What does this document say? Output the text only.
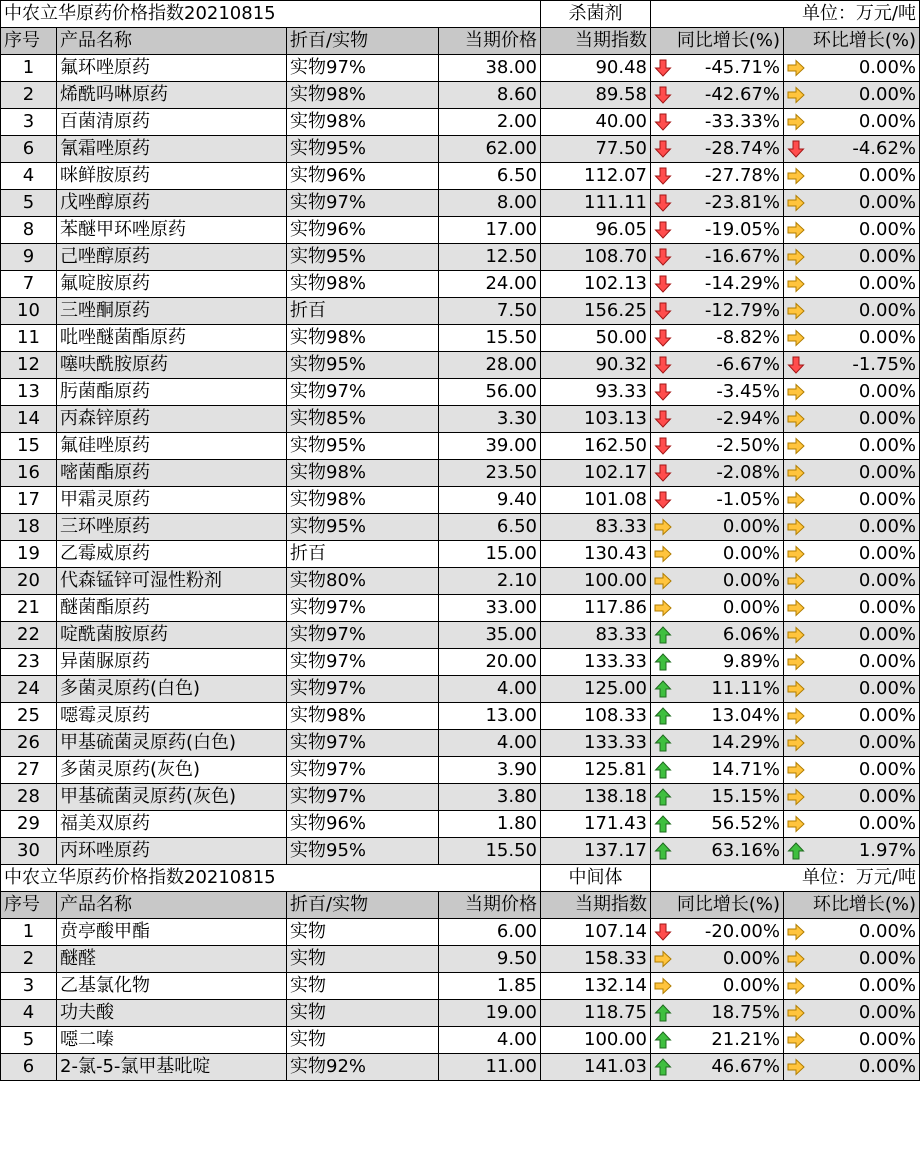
中农立华原药价格指数20210815				杀菌剂	单位：万元/吨	
序号	产品名称	折百/实物	当期价格	当期指数	同比增长(%)	环比增长(%)
1	氟环唑原药	实物97%	38.00	90.48	-45.71%	0.00%
2	烯酰吗啉原药	实物98%	8.60	89.58	-42.67%	0.00%
3	百菌清原药	实物98%	2.00	40.00	-33.33%	0.00%
6	氰霜唑原药	实物95%	62.00	77.50	-28.74%	-4.62%
4	咪鲜胺原药	实物96%	6.50	112.07	-27.78%	0.00%
5	戊唑醇原药	实物97%	8.00	111.11	-23.81%	0.00%
8	苯醚甲环唑原药	实物96%	17.00	96.05	-19.05%	0.00%
9	己唑醇原药	实物95%	12.50	108.70	-16.67%	0.00%
7	氟啶胺原药	实物98%	24.00	102.13	-14.29%	0.00%
10	三唑酮原药	折百	7.50	156.25	-12.79%	0.00%
11	吡唑醚菌酯原药	实物98%	15.50	50.00	-8.82%	0.00%
12	噻呋酰胺原药	实物95%	28.00	90.32	-6.67%	-1.75%
13	肟菌酯原药	实物97%	56.00	93.33	-3.45%	0.00%
14	丙森锌原药	实物85%	3.30	103.13	-2.94%	0.00%
15	氟硅唑原药	实物95%	39.00	162.50	-2.50%	0.00%
16	嘧菌酯原药	实物98%	23.50	102.17	-2.08%	0.00%
17	甲霜灵原药	实物98%	9.40	101.08	-1.05%	0.00%
18	三环唑原药	实物95%	6.50	83.33	0.00%	0.00%
19	乙霉威原药	折百	15.00	130.43	0.00%	0.00%
20	代森锰锌可湿性粉剂	实物80%	2.10	100.00	0.00%	0.00%
21	醚菌酯原药	实物97%	33.00	117.86	0.00%	0.00%
22	啶酰菌胺原药	实物97%	35.00	83.33	6.06%	0.00%
23	异菌脲原药	实物97%	20.00	133.33	9.89%	0.00%
24	多菌灵原药(白色)	实物97%	4.00	125.00	11.11%	0.00%
25	噁霉灵原药	实物98%	13.00	108.33	13.04%	0.00%
26	甲基硫菌灵原药(白色)	实物97%	4.00	133.33	14.29%	0.00%
27	多菌灵原药(灰色)	实物97%	3.90	125.81	14.71%	0.00%
28	甲基硫菌灵原药(灰色)	实物97%	3.80	138.18	15.15%	0.00%
29	福美双原药	实物96%	1.80	171.43	56.52%	0.00%
30	丙环唑原药	实物95%	15.50	137.17	63.16%	1.97%
中农立华原药价格指数20210815				中间体	单位：万元/吨	
序号	产品名称	折百/实物	当期价格	当期指数	同比增长(%)	环比增长(%)
1	贲亭酸甲酯	实物	6.00	107.14	-20.00%	0.00%
2	醚醛	实物	9.50	158.33	0.00%	0.00%
3	乙基氯化物	实物	1.85	132.14	0.00%	0.00%
4	功夫酸	实物	19.00	118.75	18.75%	0.00%
5	噁二嗪	实物	4.00	100.00	21.21%	0.00%
6	2-氯-5-氯甲基吡啶	实物92%	11.00	141.03	46.67%	0.00%
